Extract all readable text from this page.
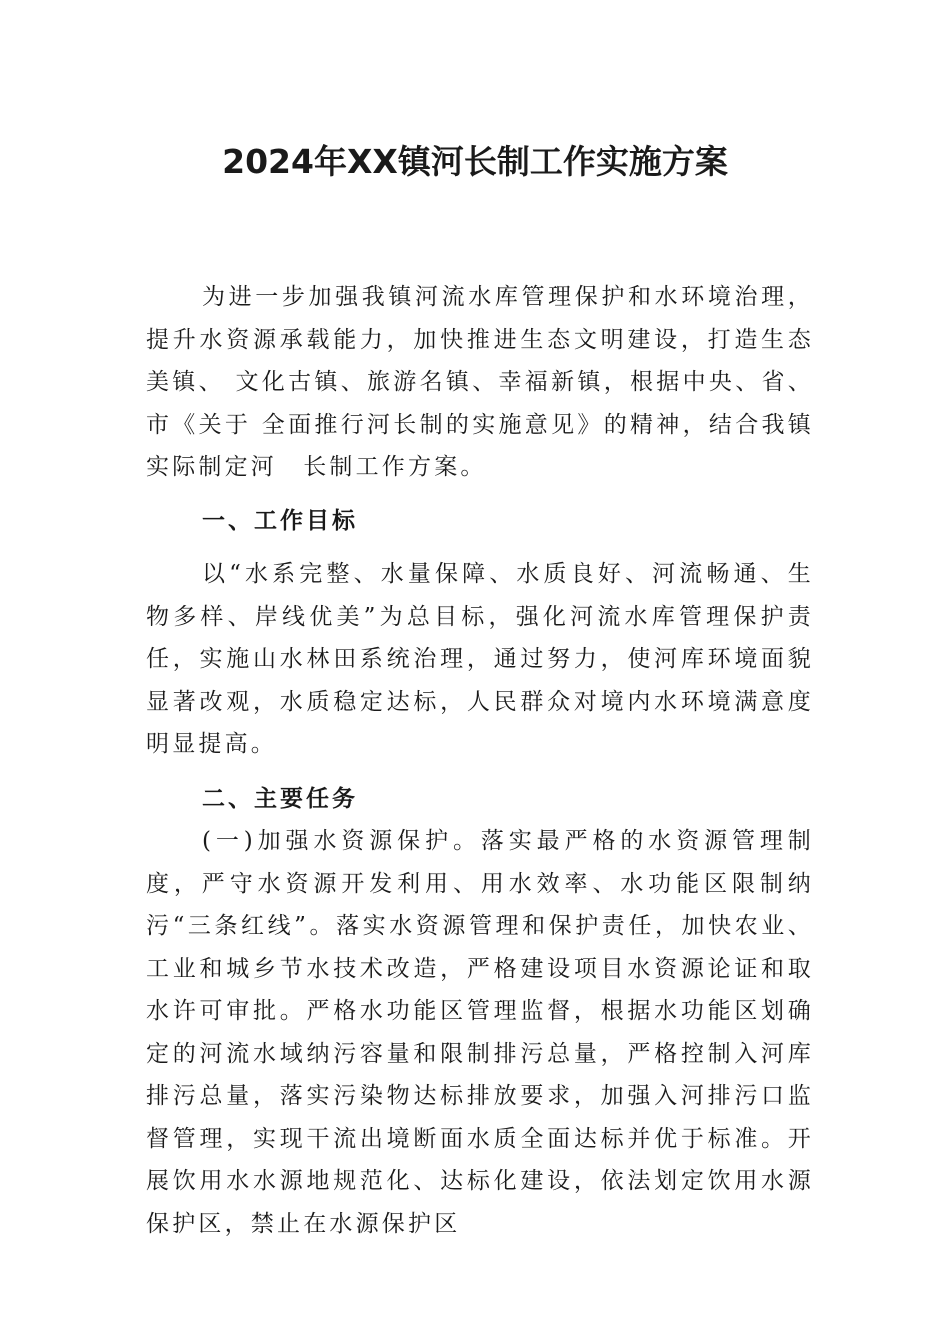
2024年XX镇河长制工作实施方案

为进一步加强我镇河流水库管理保护和水环境治理，提升水资源承载能力，加快推进生态文明建设，打造生态美镇、 文化古镇、旅游名镇、幸福新镇，根据中央、省、市《关于 全面推行河长制的实施意见》的精神，结合我镇实际制定河　长制工作方案。

一、工作目标

以“水系完整、水量保障、水质良好、河流畅通、生物多样、岸线优美”为总目标，强化河流水库管理保护责任，实施山水林田系统治理，通过努力，使河库环境面貌显著改观，水质稳定达标，人民群众对境内水环境满意度明显提高。

二、主要任务

(一)加强水资源保护。落实最严格的水资源管理制度，严守水资源开发利用、用水效率、水功能区限制纳污“三条红线”。落实水资源管理和保护责任，加快农业、工业和城乡节水技术改造，严格建设项目水资源论证和取水许可审批。严格水功能区管理监督，根据水功能区划确定的河流水域纳污容量和限制排污总量，严格控制入河库排污总量，落实污染物达标排放要求，加强入河排污口监督管理，实现干流出境断面水质全面达标并优于标准。开展饮用水水源地规范化、达标化建设，依法划定饮用水源保护区，禁止在水源保护区
